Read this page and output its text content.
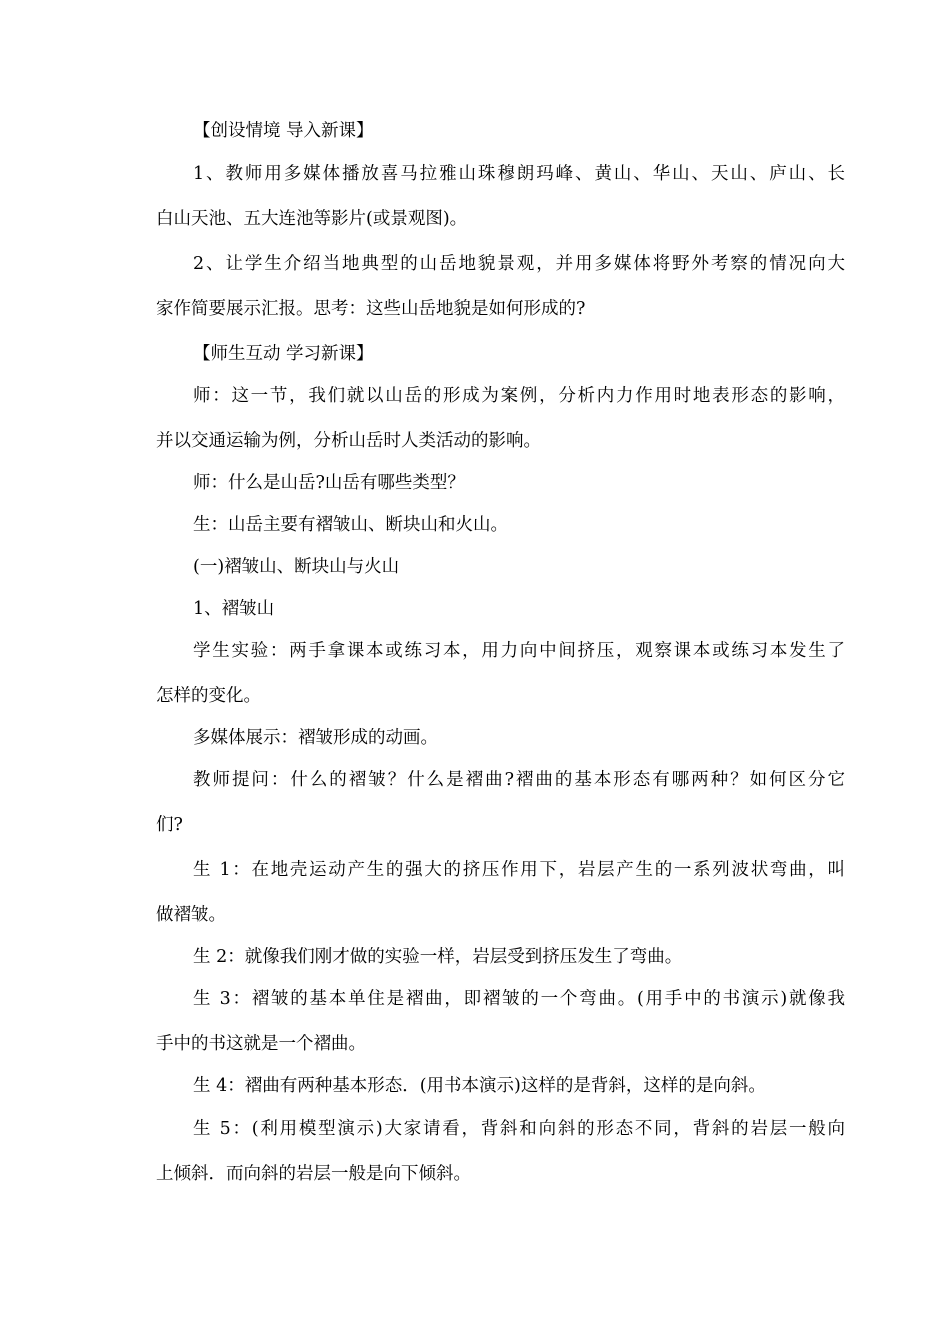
【创设情境 导入新课】
1、教师用多媒体播放喜马拉雅山珠穆朗玛峰、黄山、华山、天山、庐山、长
白山天池、五大连池等影片(或景观图)。
2、让学生介绍当地典型的山岳地貌景观，并用多媒体将野外考察的情况向大
家作简要展示汇报。思考：这些山岳地貌是如何形成的?
【师生互动 学习新课】
师：这一节，我们就以山岳的形成为案例，分析内力作用时地表形态的影响，
并以交通运输为例，分析山岳时人类活动的影响。
师：什么是山岳?山岳有哪些类型？
生：山岳主要有褶皱山、断块山和火山。
(一)褶皱山、断块山与火山
1、褶皱山
学生实验：两手拿课本或练习本，用力向中间挤压，观察课本或练习本发生了
怎样的变化。
多媒体展示：褶皱形成的动画。
教师提问：什么的褶皱？什么是褶曲?褶曲的基本形态有哪两种？如何区分它
们?
生 1：在地壳运动产生的强大的挤压作用下，岩层产生的一系列波状弯曲，叫
做褶皱。
生 2：就像我们刚才做的实验一样，岩层受到挤压发生了弯曲。
生 3：褶皱的基本单住是褶曲，即褶皱的一个弯曲。(用手中的书演示)就像我
手中的书这就是一个褶曲。
生 4：褶曲有两种基本形态．(用书本演示)这样的是背斜，这样的是向斜。
生 5：(利用模型演示)大家请看，背斜和向斜的形态不同，背斜的岩层一般向
上倾斜．而向斜的岩层一般是向下倾斜。
